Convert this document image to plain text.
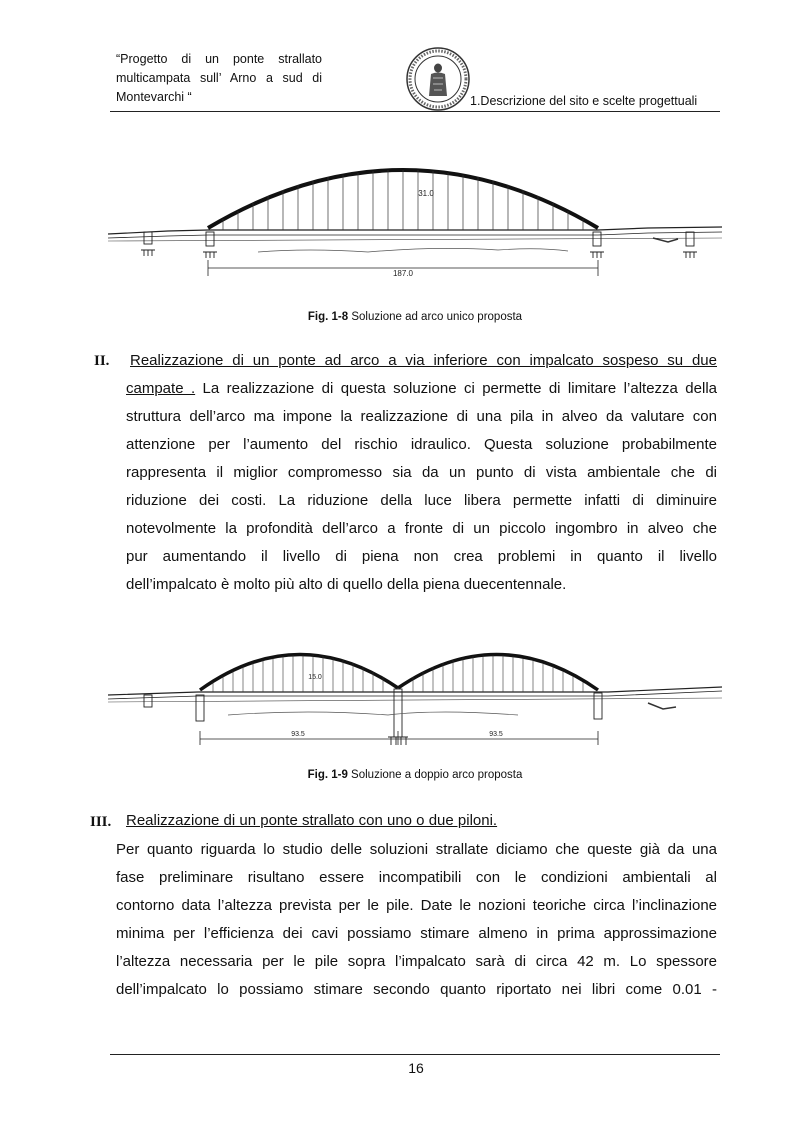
“Progetto di un ponte strallato
multicampata sull’ Arno a sud di
Montevarchi “	1.Descrizione del sito e scelte progettuali
187.0
31.0
Fig. 1-8 Soluzione ad arco unico proposta
II. Realizzazione di un ponte ad arco a via inferiore con impalcato sospeso su due
campate . La realizzazione di questa soluzione ci permette di limitare l’altezza della
struttura dell’arco ma impone la realizzazione di una pila in alveo da valutare con
attenzione per l’aumento del rischio idraulico. Questa soluzione probabilmente
rappresenta il miglior compromesso sia da un punto di vista ambientale che di
riduzione dei costi. La riduzione della luce libera permette infatti di diminuire
notevolmente la profondità dell’arco a fronte di un piccolo ingombro in alveo che
pur aumentando il livello di piena non crea problemi in quanto il livello
dell’impalcato è molto più alto di quello della piena duecentennale.
93.5	93.5
15.0
Fig. 1-9 Soluzione a doppio arco proposta
III. Realizzazione di un ponte strallato con uno o due piloni.
Per quanto riguarda lo studio delle soluzioni strallate diciamo che queste già da una
fase preliminare risultano essere incompatibili con le condizioni ambientali al
contorno data l’altezza prevista per le pile. Date le nozioni teoriche circa l’inclinazione
minima per l’efficienza dei cavi possiamo stimare almeno in prima approssimazione
l’altezza necessaria per le pile sopra l’impalcato sarà di circa 42 m. Lo spessore
dell’impalcato lo possiamo stimare secondo quanto riportato nei libri come 0.01 -
16
